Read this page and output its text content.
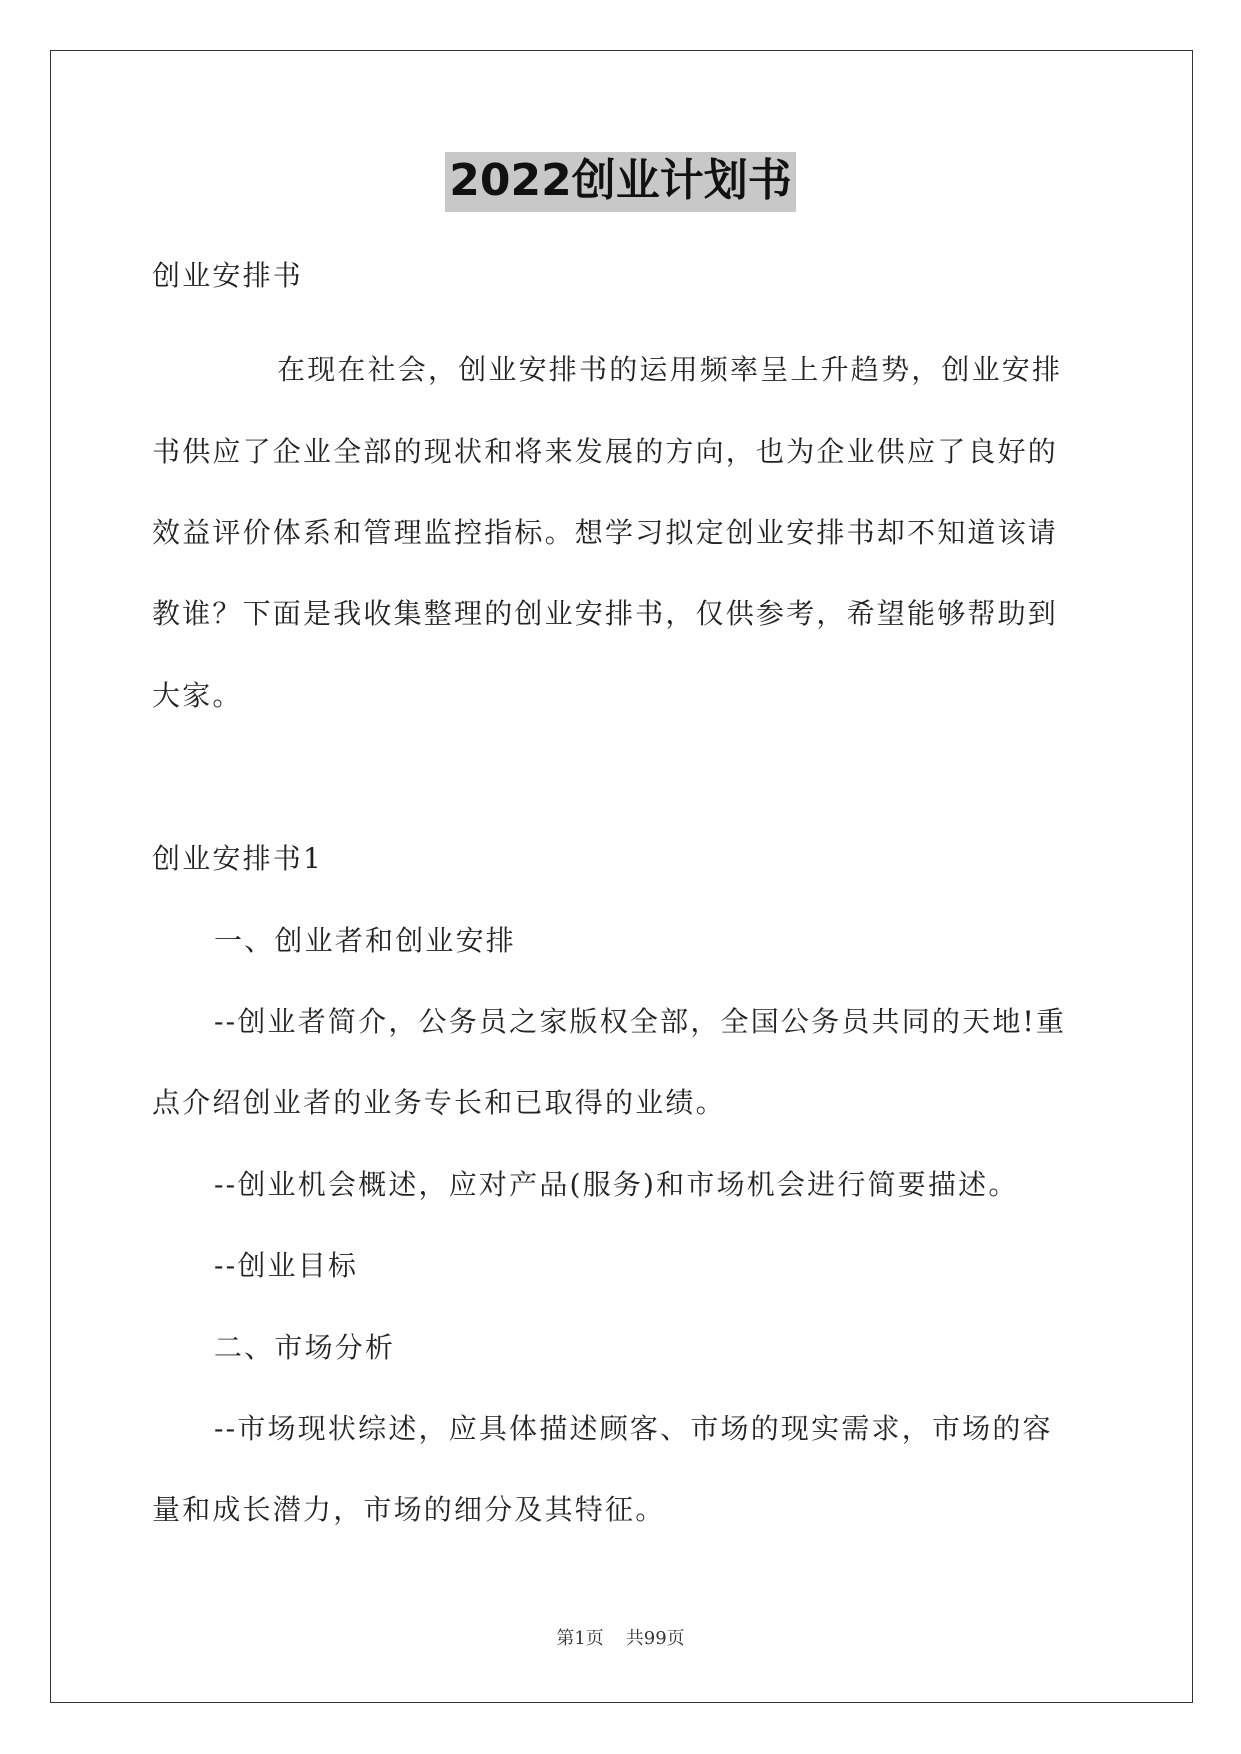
2022创业计划书
创业安排书
在现在社会，创业安排书的运用频率呈上升趋势，创业安排
书供应了企业全部的现状和将来发展的方向，也为企业供应了良好的
效益评价体系和管理监控指标。想学习拟定创业安排书却不知道该请
教谁？下面是我收集整理的创业安排书，仅供参考，希望能够帮助到
大家。
创业安排书1
一、创业者和创业安排
--创业者简介，公务员之家版权全部，全国公务员共同的天地!重
点介绍创业者的业务专长和已取得的业绩。
--创业机会概述，应对产品(服务)和市场机会进行简要描述。
--创业目标
二、市场分析
--市场现状综述，应具体描述顾客、市场的现实需求，市场的容
量和成长潜力，市场的细分及其特征。
第1页 共99页
